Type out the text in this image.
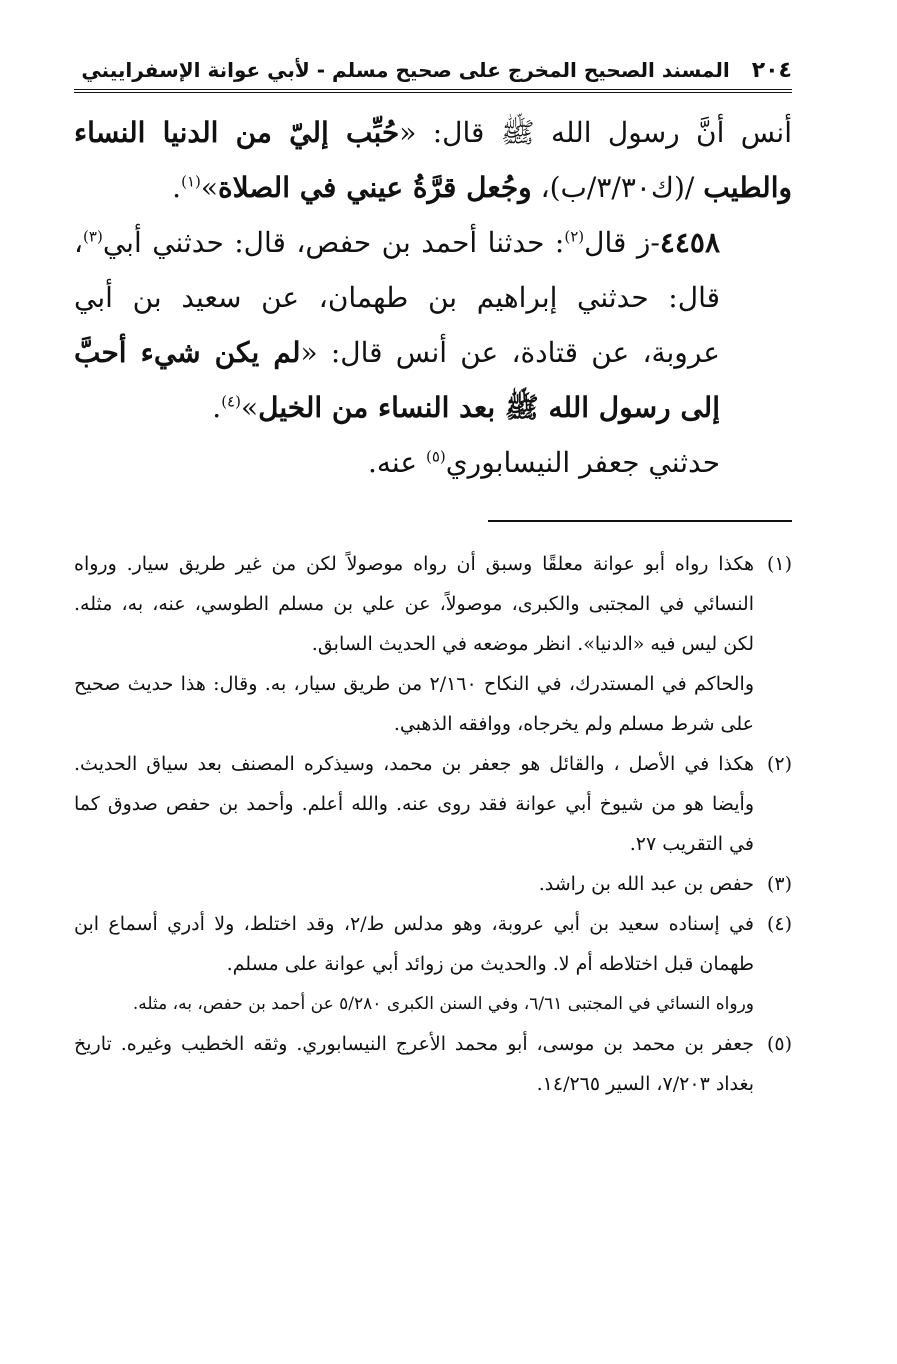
٢٠٤
المسند الصحيح المخرج على صحيح مسلم - لأبي عوانة الإسفراييني

أنس أنَّ رسول الله ﷺ قال: «حُبِّب إليّ من الدنيا النساء والطيب /(ك٣/٣٠/ب)، وجُعل قرَّةُ عيني في الصلاة»$^{(١)}$.

٤٤٥٨-ز قال$^{(٢)}$: حدثنا أحمد بن حفص، قال: حدثني أبي$^{(٣)}$، قال: حدثني إبراهيم بن طهمان، عن سعيد بن أبي عروبة، عن قتادة، عن أنس قال: «لم يكن شيء أحبَّ إلى رسول الله ﷺ بعد النساء من الخيل»$^{(٤)}$.

حدثني جعفر النيسابوري$^{(٥)}$ عنه.

(١)
هكذا رواه أبو عوانة معلقًا وسبق أن رواه موصولاً لكن من غير طريق سيار. ورواه النسائي في المجتبى والكبرى، موصولاً، عن علي بن مسلم الطوسي، عنه، به، مثله. لكن ليس فيه «الدنيا». انظر موضعه في الحديث السابق.
والحاكم في المستدرك، في النكاح ٢/١٦٠ من طريق سيار، به. وقال: هذا حديث صحيح على شرط مسلم ولم يخرجاه، ووافقه الذهبي.
(٢)
هكذا في الأصل ، والقائل هو جعفر بن محمد، وسيذكره المصنف بعد سياق الحديث. وأيضا هو من شيوخ أبي عوانة فقد روى عنه. والله أعلم. وأحمد بن حفص صدوق كما في التقريب ٢٧.
(٣)
حفص بن عبد الله بن راشد.
(٤)
في إسناده سعيد بن أبي عروبة، وهو مدلس ط/٢، وقد اختلط، ولا أدري أسماع ابن طهمان قبل اختلاطه أم لا. والحديث من زوائد أبي عوانة على مسلم.
ورواه النسائي في المجتبى ٦/٦١، وفي السنن الكبرى ٥/٢٨٠ عن أحمد بن حفص، به، مثله.
(٥)
جعفر بن محمد بن موسى، أبو محمد الأعرج النيسابوري. وثقه الخطيب وغيره. تاريخ بغداد ٧/٢٠٣، السير ١٤/٢٦٥.
